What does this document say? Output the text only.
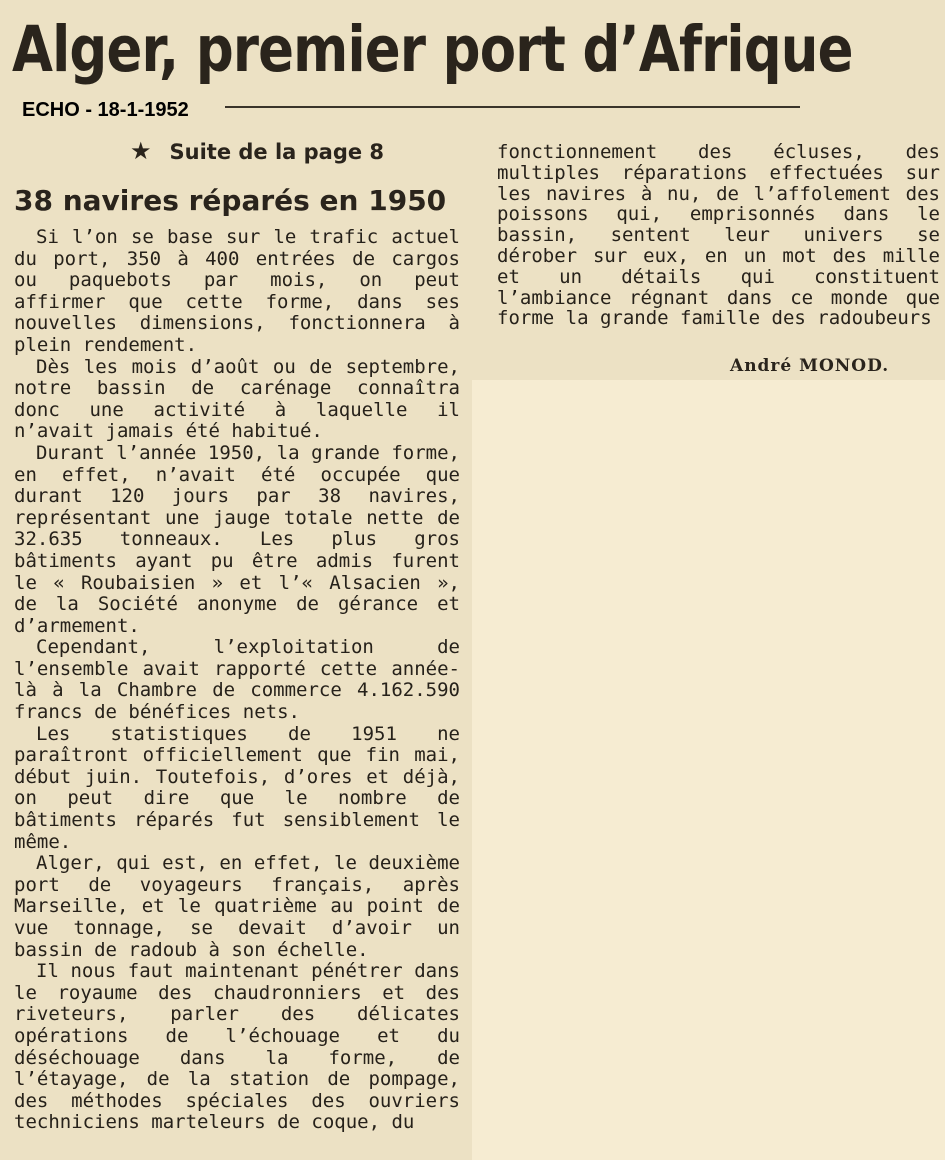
Alger, premier port d’Afrique
ECHO - 18-1-1952
★ Suite de la page 8
38 navires réparés en 1950

Si l’on se base sur le trafic actuel du port, 350 à 400 entrées de cargos ou paquebots par mois, on peut affirmer que cette forme, dans ses nouvelles dimensions, fonctionnera à plein rendement.

Dès les mois d’août ou de septembre, notre bassin de carénage connaîtra donc une activité à laquelle il n’avait jamais été habitué.

Durant l’année 1950, la grande forme, en effet, n’avait été occupée que durant 120 jours par 38 navires, représentant une jauge totale nette de 32.635 tonneaux. Les plus gros bâtiments ayant pu être admis furent le « Roubaisien » et l’« Alsacien », de la Société anonyme de gérance et d’armement.

Cependant, l’exploitation de l’ensemble avait rapporté cette année-là à la Chambre de commerce 4.162.590 francs de bénéfices nets.

Les statistiques de 1951 ne paraîtront officiellement que fin mai, début juin. Toutefois, d’ores et déjà, on peut dire que le nombre de bâtiments réparés fut sensiblement le même.

Alger, qui est, en effet, le deuxième port de voyageurs français, après Marseille, et le quatrième au point de vue tonnage, se devait d’avoir un bassin de radoub à son échelle.

Il nous faut maintenant pénétrer dans le royaume des chaudronniers et des riveteurs, parler des délicates opérations de l’échouage et du déséchouage dans la forme, de l’étayage, de la station de pompage, des méthodes spéciales des ouvriers techniciens marteleurs de coque, du

fonctionnement des écluses, des multiples réparations effectuées sur les navires à nu, de l’affolement des poissons qui, emprisonnés dans le bassin, sentent leur univers se dérober sur eux, en un mot des mille et un détails qui constituent l’ambiance régnant dans ce monde que forme la grande famille des radoubeurs

André MONOD.
